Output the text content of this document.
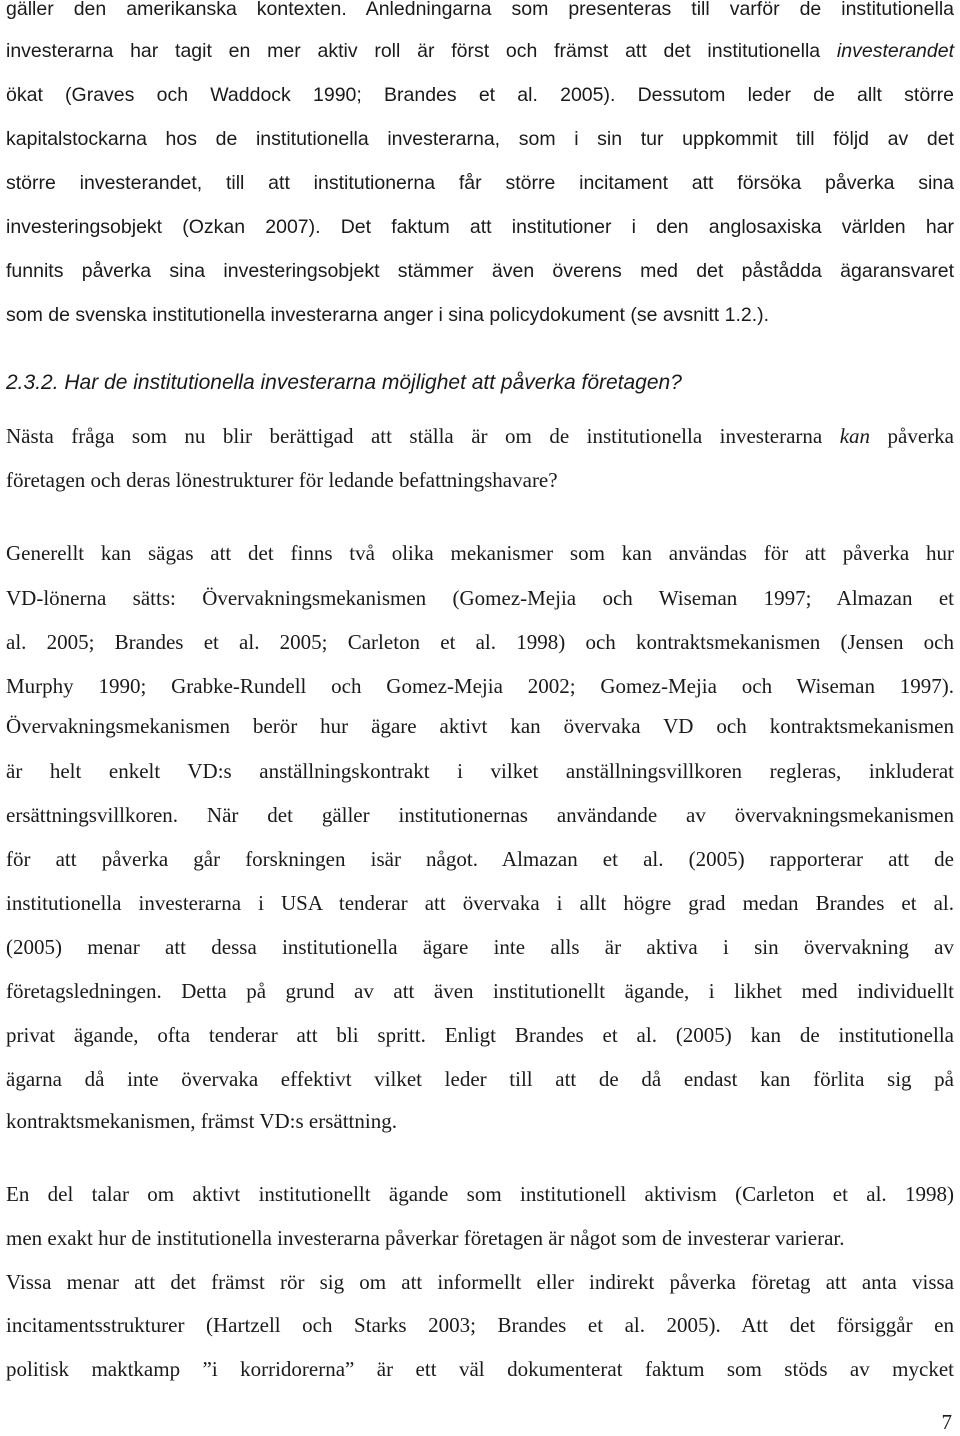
gäller den amerikanska kontexten. Anledningarna som presenteras till varför de institutionella
investerarna har tagit en mer aktiv roll är först och främst att det institutionella investerandet
ökat (Graves och Waddock 1990; Brandes et al. 2005). Dessutom leder de allt större
kapitalstockarna hos de institutionella investerarna, som i sin tur uppkommit till följd av det
större investerandet, till att institutionerna får större incitament att försöka påverka sina
investeringsobjekt (Ozkan 2007). Det faktum att institutioner i den anglosaxiska världen har
funnits påverka sina investeringsobjekt stämmer även överens med det påstådda ägaransvaret
som de svenska institutionella investerarna anger i sina policydokument (se avsnitt 1.2.).
2.3.2. Har de institutionella investerarna möjlighet att påverka företagen?
Nästa fråga som nu blir berättigad att ställa är om de institutionella investerarna kan påverka
företagen och deras lönestrukturer för ledande befattningshavare?
Generellt kan sägas att det finns två olika mekanismer som kan användas för att påverka hur
VD-lönerna sätts: Övervakningsmekanismen (Gomez-Mejia och Wiseman 1997; Almazan et
al. 2005; Brandes et al. 2005; Carleton et al. 1998) och kontraktsmekanismen (Jensen och
Murphy 1990; Grabke-Rundell och Gomez-Mejia 2002; Gomez-Mejia och Wiseman 1997).
Övervakningsmekanismen berör hur ägare aktivt kan övervaka VD och kontraktsmekanismen
är helt enkelt VD:s anställningskontrakt i vilket anställningsvillkoren regleras, inkluderat
ersättningsvillkoren. När det gäller institutionernas användande av övervakningsmekanismen
för att påverka går forskningen isär något. Almazan et al. (2005) rapporterar att de
institutionella investerarna i USA tenderar att övervaka i allt högre grad medan Brandes et al.
(2005) menar att dessa institutionella ägare inte alls är aktiva i sin övervakning av
företagsledningen. Detta på grund av att även institutionellt ägande, i likhet med individuellt
privat ägande, ofta tenderar att bli spritt. Enligt Brandes et al. (2005) kan de institutionella
ägarna då inte övervaka effektivt vilket leder till att de då endast kan förlita sig på
kontraktsmekanismen, främst VD:s ersättning.
En del talar om aktivt institutionellt ägande som institutionell aktivism (Carleton et al. 1998)
men exakt hur de institutionella investerarna påverkar företagen är något som de investerar varierar.
Vissa menar att det främst rör sig om att informellt eller indirekt påverka företag att anta vissa
incitamentsstrukturer (Hartzell och Starks 2003; Brandes et al. 2005). Att det försiggår en
politisk maktkamp ”i korridorerna” är ett väl dokumenterat faktum som stöds av mycket
7
